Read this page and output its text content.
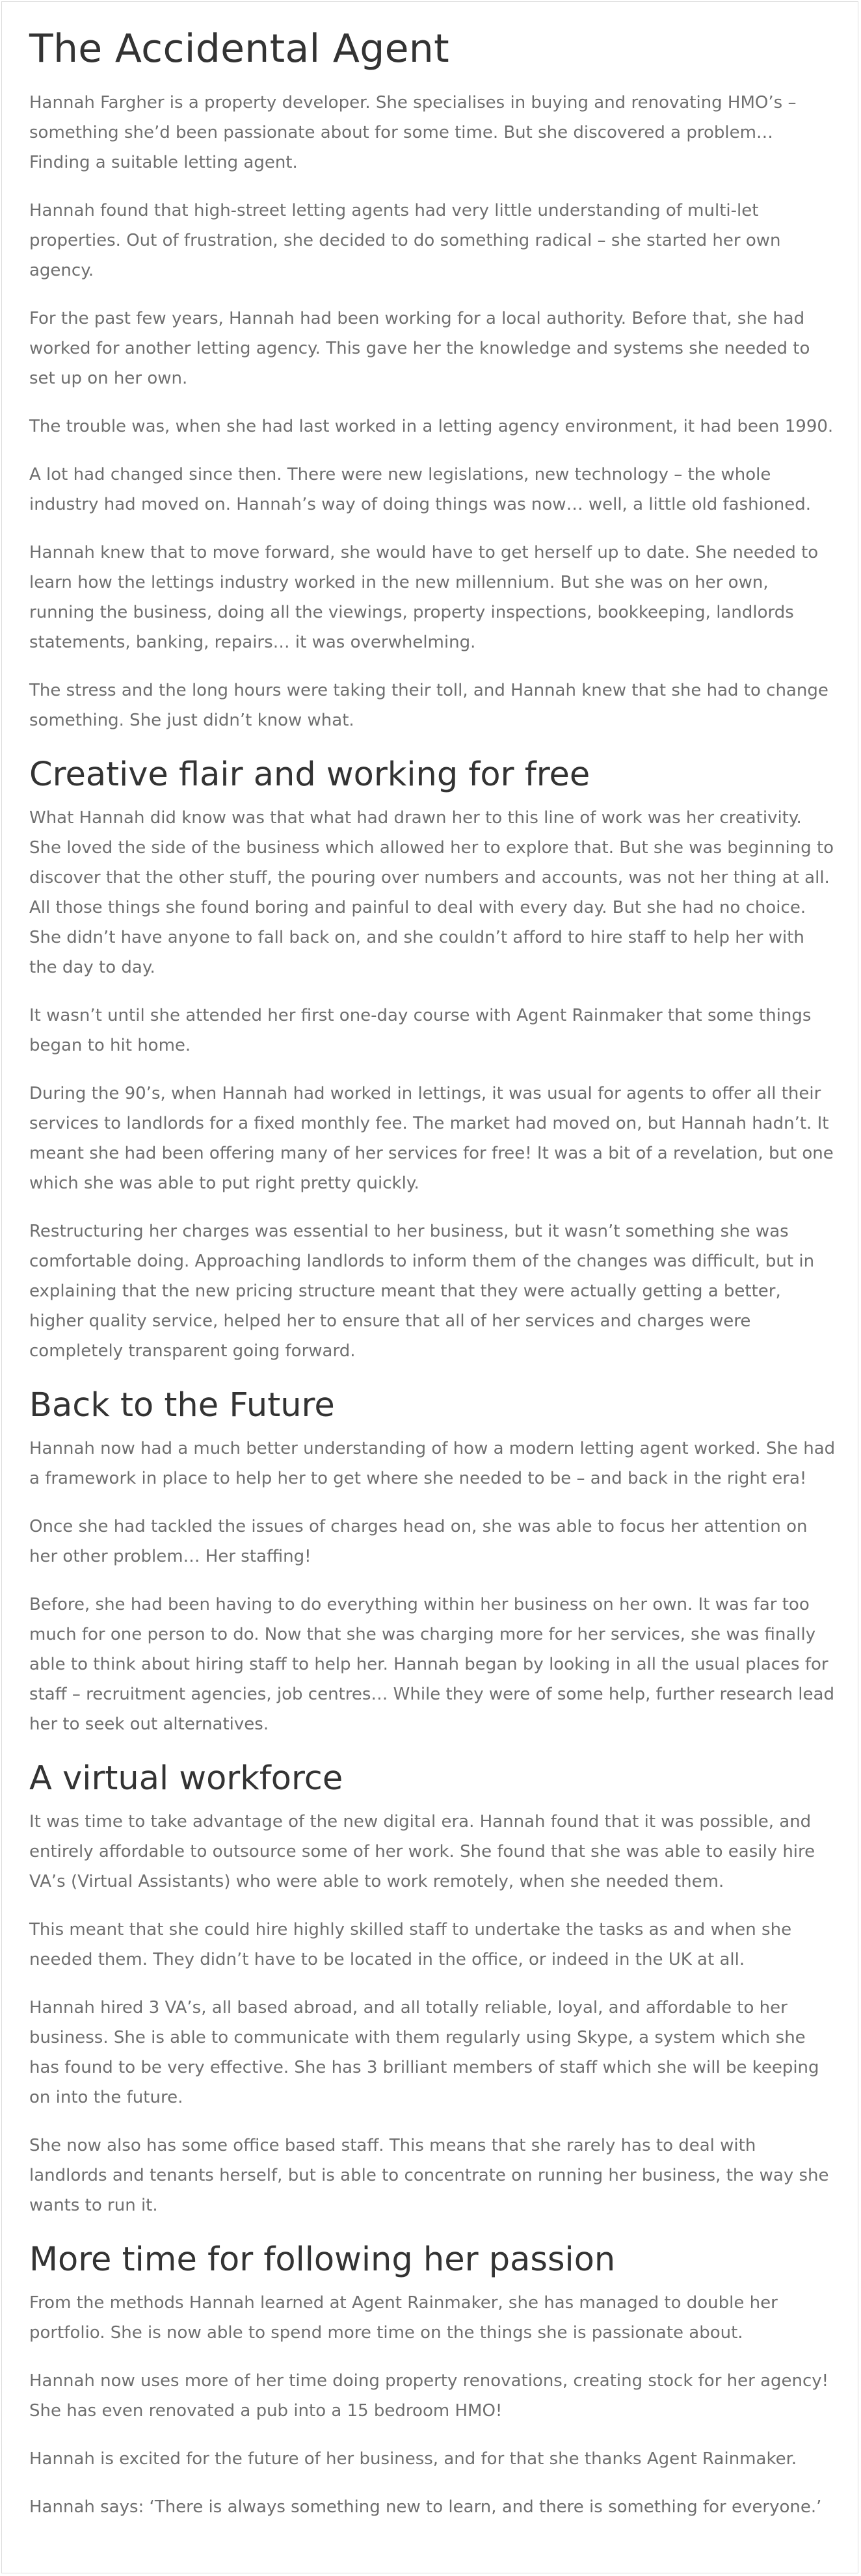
The Accidental Agent

Hannah Fargher is a property developer. She specialises in buying and renovating HMO’s – something she’d been passionate about for some time. But she discovered a problem… Finding a suitable letting agent.

Hannah found that high-street letting agents had very little understanding of multi-let properties. Out of frustration, she decided to do something radical – she started her own agency.

For the past few years, Hannah had been working for a local authority. Before that, she had worked for another letting agency. This gave her the knowledge and systems she needed to set up on her own.

The trouble was, when she had last worked in a letting agency environment, it had been 1990.

A lot had changed since then. There were new legislations, new technology – the whole industry had moved on. Hannah’s way of doing things was now… well, a little old fashioned.

Hannah knew that to move forward, she would have to get herself up to date. She needed to learn how the lettings industry worked in the new millennium. But she was on her own, running the business, doing all the viewings, property inspections, bookkeeping, landlords statements, banking, repairs… it was overwhelming.

The stress and the long hours were taking their toll, and Hannah knew that she had to change something. She just didn’t know what.

Creative flair and working for free

What Hannah did know was that what had drawn her to this line of work was her creativity. She loved the side of the business which allowed her to explore that. But she was beginning to discover that the other stuff, the pouring over numbers and accounts, was not her thing at all. All those things she found boring and painful to deal with every day. But she had no choice. She didn’t have anyone to fall back on, and she couldn’t afford to hire staff to help her with the day to day.

It wasn’t until she attended her first one-day course with Agent Rainmaker that some things began to hit home.

During the 90’s, when Hannah had worked in lettings, it was usual for agents to offer all their services to landlords for a fixed monthly fee. The market had moved on, but Hannah hadn’t. It meant she had been offering many of her services for free! It was a bit of a revelation, but one which she was able to put right pretty quickly.

Restructuring her charges was essential to her business, but it wasn’t something she was comfortable doing. Approaching landlords to inform them of the changes was difficult, but in explaining that the new pricing structure meant that they were actually getting a better, higher quality service, helped her to ensure that all of her services and charges were completely transparent going forward.

Back to the Future

Hannah now had a much better understanding of how a modern letting agent worked. She had a framework in place to help her to get where she needed to be – and back in the right era!

Once she had tackled the issues of charges head on, she was able to focus her attention on her other problem… Her staffing!

Before, she had been having to do everything within her business on her own. It was far too much for one person to do. Now that she was charging more for her services, she was finally able to think about hiring staff to help her. Hannah began by looking in all the usual places for staff – recruitment agencies, job centres… While they were of some help, further research lead her to seek out alternatives.

A virtual workforce

It was time to take advantage of the new digital era. Hannah found that it was possible, and entirely affordable to outsource some of her work. She found that she was able to easily hire VA’s (Virtual Assistants) who were able to work remotely, when she needed them.

This meant that she could hire highly skilled staff to undertake the tasks as and when she needed them. They didn’t have to be located in the office, or indeed in the UK at all.

Hannah hired 3 VA’s, all based abroad, and all totally reliable, loyal, and affordable to her business. She is able to communicate with them regularly using Skype, a system which she has found to be very effective. She has 3 brilliant members of staff which she will be keeping on into the future.

She now also has some office based staff. This means that she rarely has to deal with landlords and tenants herself, but is able to concentrate on running her business, the way she wants to run it.

More time for following her passion

From the methods Hannah learned at Agent Rainmaker, she has managed to double her portfolio. She is now able to spend more time on the things she is passionate about.

Hannah now uses more of her time doing property renovations, creating stock for her agency! She has even renovated a pub into a 15 bedroom HMO!

Hannah is excited for the future of her business, and for that she thanks Agent Rainmaker.

Hannah says: ‘There is always something new to learn, and there is something for everyone.’
